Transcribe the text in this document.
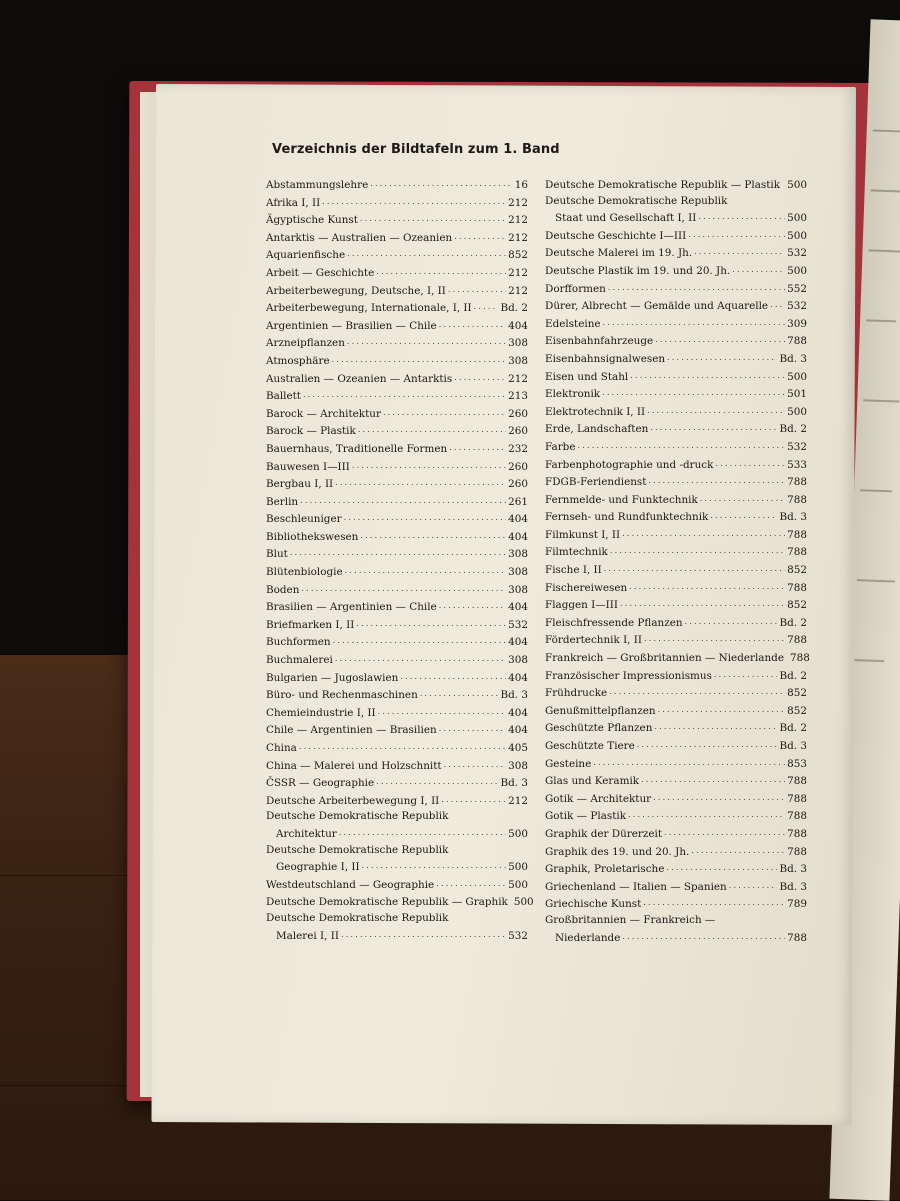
Verzeichnis der Bildtafeln zum 1. Band
Abstammungslehre .....	16
Afrika I, II .....	212
Ägyptische Kunst .....	212
Antarktis — Australien — Ozeanien .....	212
Aquarienfische .....	852
Arbeit — Geschichte .....	212
Arbeiterbewegung, Deutsche, I, II .....	212
Arbeiterbewegung, Internationale, I, II .....	Bd. 2
Argentinien — Brasilien — Chile .....	404
Arzneipflanzen .....	308
Atmosphäre .....	308
Australien — Ozeanien — Antarktis .....	212
Ballett .....	213
Barock — Architektur .....	260
Barock — Plastik .....	260
Bauernhaus, Traditionelle Formen .....	232
Bauwesen I—III .....	260
Bergbau I, II .....	260
Berlin .....	261
Beschleuniger .....	404
Bibliothekswesen .....	404
Blut .....	308
Blütenbiologie .....	308
Boden .....	308
Brasilien — Argentinien — Chile .....	404
Briefmarken I, II .....	532
Buchformen .....	404
Buchmalerei .....	308
Bulgarien — Jugoslawien .....	404
Büro- und Rechenmaschinen .....	Bd. 3
Chemieindustrie I, II .....	404
Chile — Argentinien — Brasilien .....	404
China .....	405
China — Malerei und Holzschnitt .....	308
ČSSR — Geographie .....	Bd. 3
Deutsche Arbeiterbewegung I, II .....	212
Deutsche Demokratische Republik
Architektur .....	500
Deutsche Demokratische Republik
Geographie I, II .....	500
Westdeutschland — Geographie .....	500
Deutsche Demokratische Republik — Graphik 500
Deutsche Demokratische Republik
Malerei I, II .....	532
Deutsche Demokratische Republik — Plastik 500
Deutsche Demokratische Republik
Staat und Gesellschaft I, II .....	500
Deutsche Geschichte I—III .....	500
Deutsche Malerei im 19. Jh. .....	532
Deutsche Plastik im 19. und 20. Jh. .....	500
Dorfformen .....	552
Dürer, Albrecht — Gemälde und Aquarelle ..... 532
Edelsteine .....	309
Eisenbahnfahrzeuge .....	788
Eisenbahnsignalwesen .....	Bd. 3
Eisen und Stahl .....	500
Elektronik .....	501
Elektrotechnik I, II .....	500
Erde, Landschaften .....	Bd. 2
Farbe .....	532
Farbenphotographie und -druck .....	533
FDGB-Feriendienst .....	788
Fernmelde- und Funktechnik .....	788
Fernseh- und Rundfunktechnik .....	Bd. 3
Filmkunst I, II .....	788
Filmtechnik .....	788
Fische I, II .....	852
Fischereiwesen .....	788
Flaggen I—III .....	852
Fleischfressende Pflanzen .....	Bd. 2
Fördertechnik I, II .....	788
Frankreich — Großbritannien — Niederlande 788
Französischer Impressionismus .....	Bd. 2
Frühdrucke .....	852
Genußmittelpflanzen .....	852
Geschützte Pflanzen .....	Bd. 2
Geschützte Tiere .....	Bd. 3
Gesteine .....	853
Glas und Keramik .....	788
Gotik — Architektur .....	788
Gotik — Plastik .....	788
Graphik der Dürerzeit .....	788
Graphik des 19. und 20. Jh. .....	788
Graphik, Proletarische .....	Bd. 3
Griechenland — Italien — Spanien .....	Bd. 3
Griechische Kunst .....	789
Großbritannien — Frankreich —
Niederlande .....	788
